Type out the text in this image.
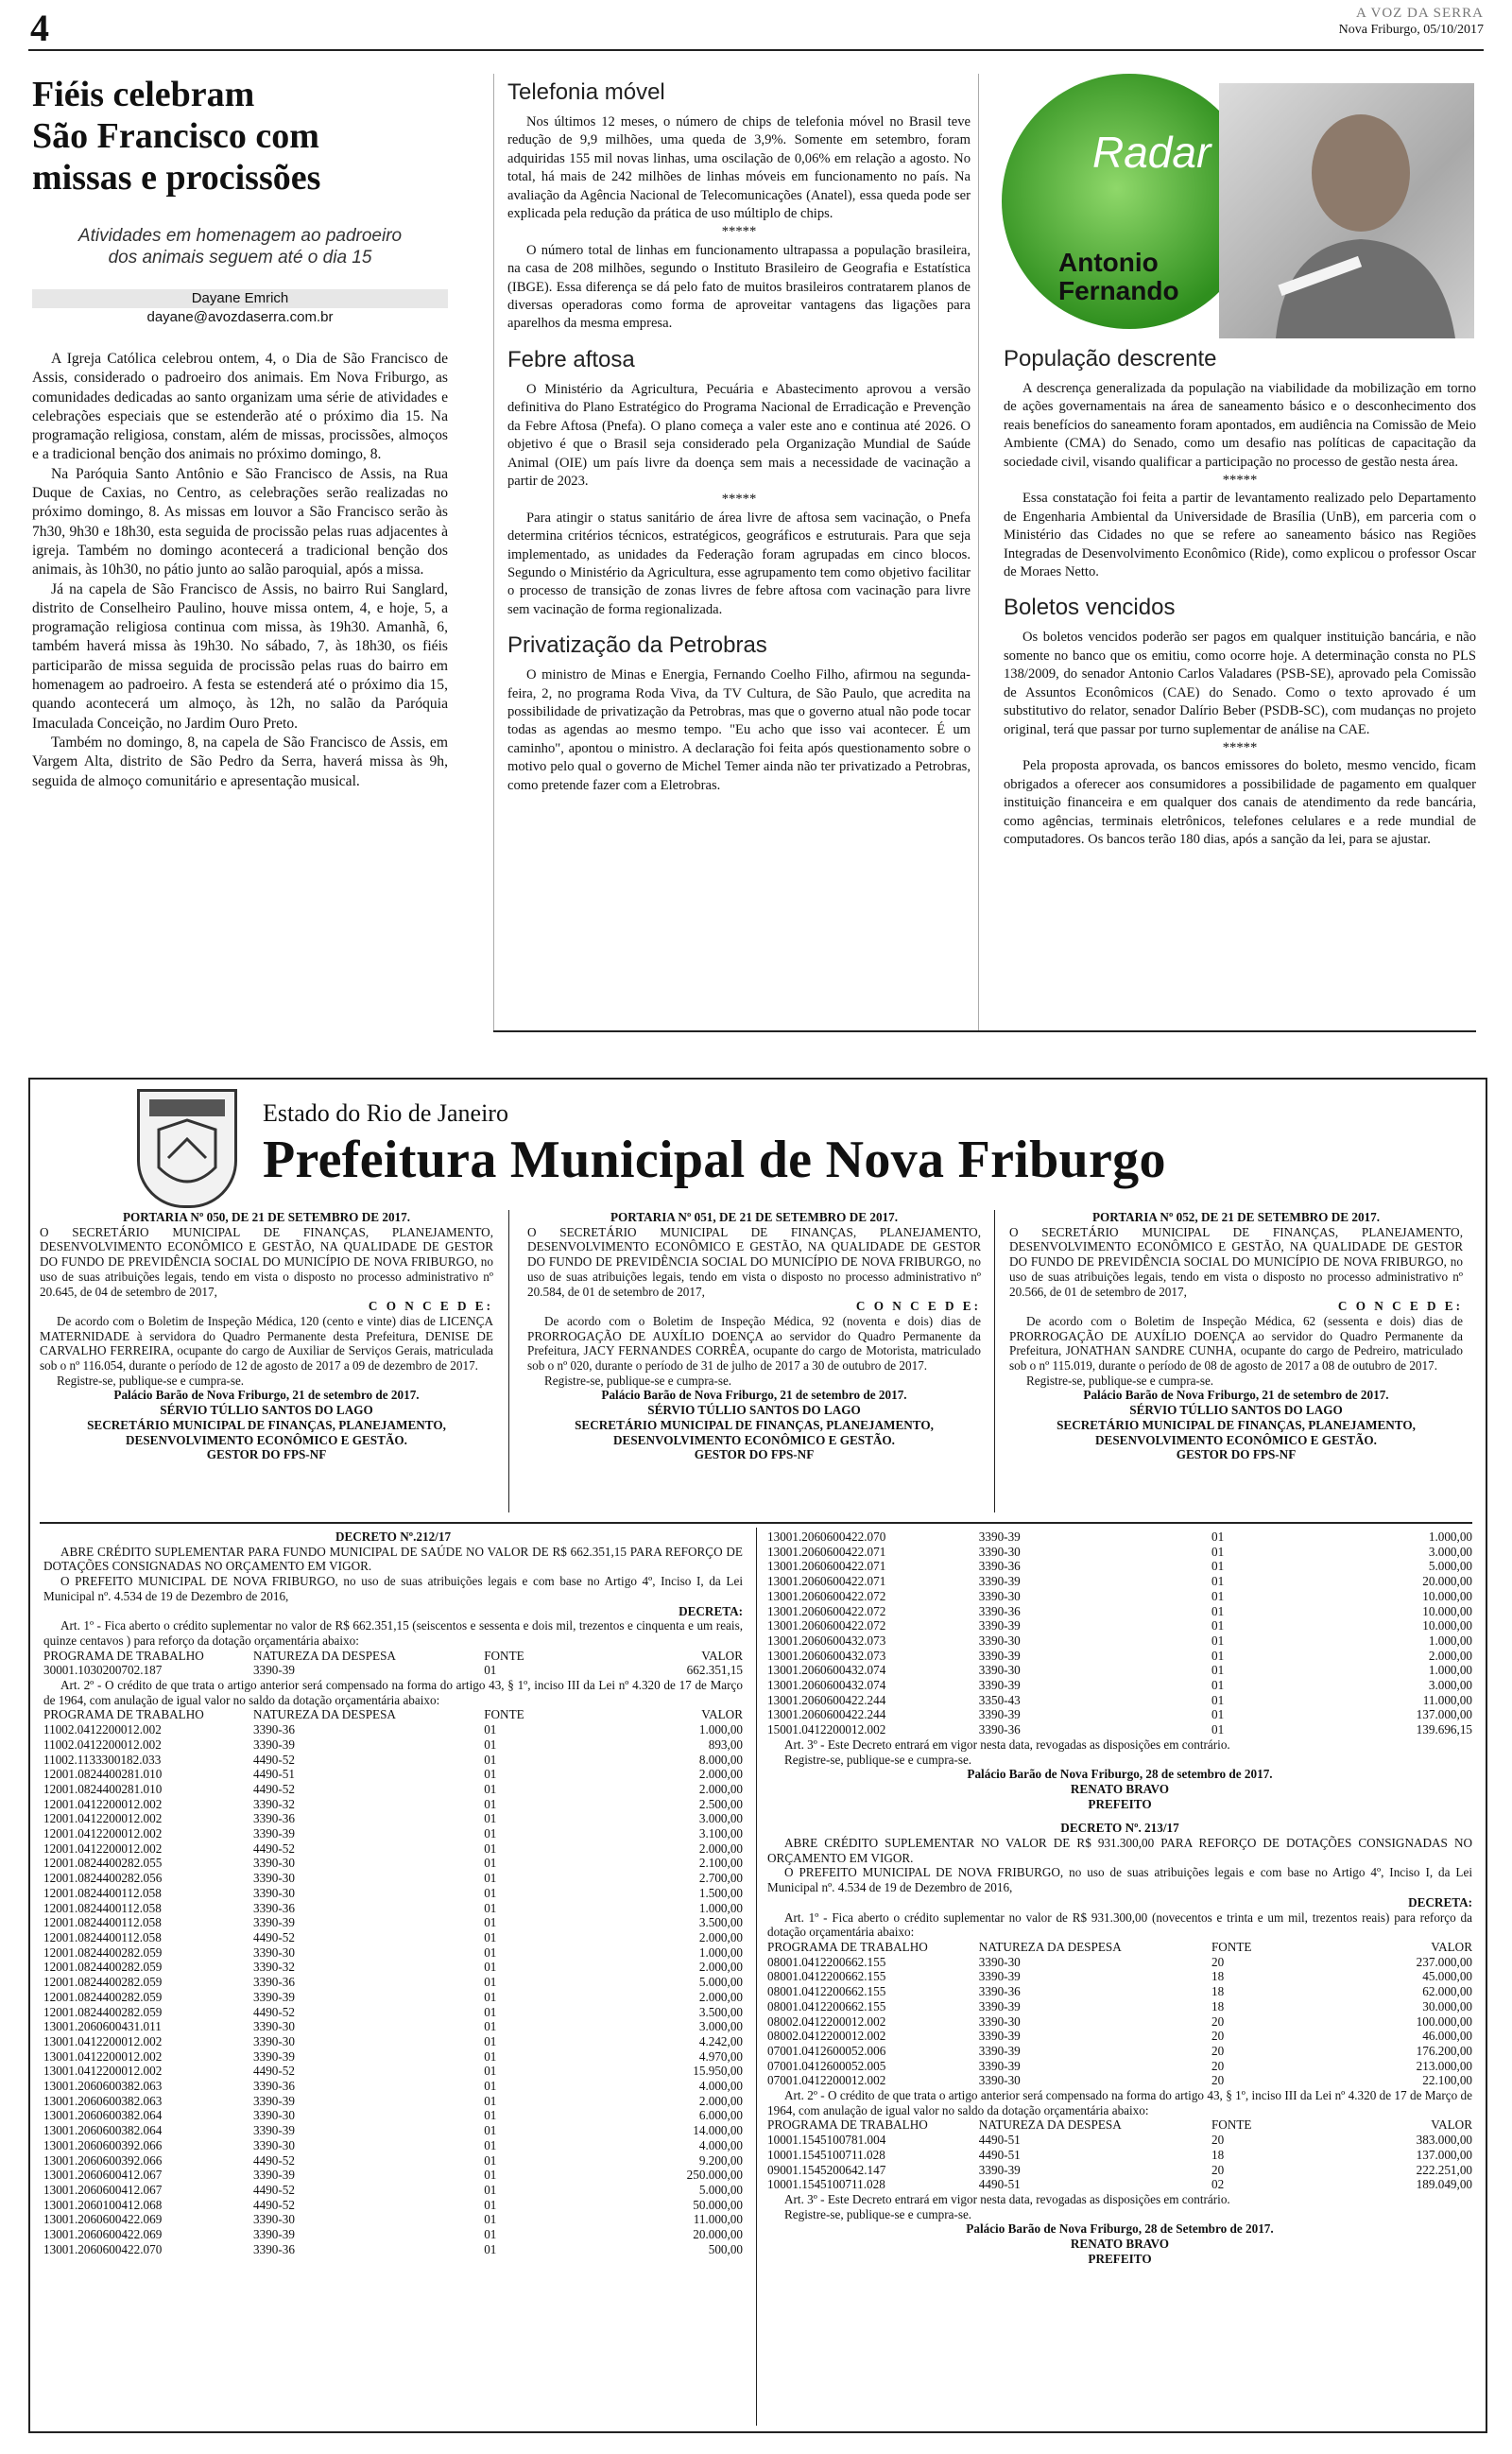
4	A VOZ DA SERRA
Nova Friburgo, 05/10/2017
Fiéis celebram
São Francisco com
missas e procissões
Atividades em homenagem ao padroeiro
dos animais seguem até o dia 15
Dayane Emrich
dayane@avozdaserra.com.br

A Igreja Católica celebrou ontem, 4, o Dia de São Francisco de Assis, considerado o padroeiro dos animais. Em Nova Friburgo, as comunidades dedicadas ao santo organizam uma série de atividades e celebrações especiais que se estenderão até o próximo dia 15. Na programação religiosa, constam, além de missas, procissões, almoços e a tradicional benção dos animais no próximo domingo, 8.

Na Paróquia Santo Antônio e São Francisco de Assis, na Rua Duque de Caxias, no Centro, as celebrações serão realizadas no próximo domingo, 8. As missas em louvor a São Francisco serão às 7h30, 9h30 e 18h30, esta seguida de procissão pelas ruas adjacentes à igreja. Também no domingo acontecerá a tradicional benção dos animais, às 10h30, no pátio junto ao salão paroquial, após a missa.

Já na capela de São Francisco de Assis, no bairro Rui Sanglard, distrito de Conselheiro Paulino, houve missa ontem, 4, e hoje, 5, a programação religiosa continua com missa, às 19h30. Amanhã, 6, também haverá missa às 19h30. No sábado, 7, às 18h30, os fiéis participarão de missa seguida de procissão pelas ruas do bairro em homenagem ao padroeiro. A festa se estenderá até o próximo dia 15, quando acontecerá um almoço, às 12h, no salão da Paróquia Imaculada Conceição, no Jardim Ouro Preto.

Também no domingo, 8, na capela de São Francisco de Assis, em Vargem Alta, distrito de São Pedro da Serra, haverá missa às 9h, seguida de almoço comunitário e apresentação musical.

Telefonia móvel

Nos últimos 12 meses, o número de chips de telefonia móvel no Brasil teve redução de 9,9 milhões, uma queda de 3,9%. Somente em setembro, foram adquiridas 155 mil novas linhas, uma oscilação de 0,06% em relação a agosto. No total, há mais de 242 milhões de linhas móveis em funcionamento no país. Na avaliação da Agência Nacional de Telecomunicações (Anatel), essa queda pode ser explicada pela redução da prática de uso múltiplo de chips.

*****

O número total de linhas em funcionamento ultrapassa a população brasileira, na casa de 208 milhões, segundo o Instituto Brasileiro de Geografia e Estatística (IBGE). Essa diferença se dá pelo fato de muitos brasileiros contratarem planos de diversas operadoras como forma de aproveitar vantagens das ligações para aparelhos da mesma empresa.

Febre aftosa

O Ministério da Agricultura, Pecuária e Abastecimento aprovou a versão definitiva do Plano Estratégico do Programa Nacional de Erradicação e Prevenção da Febre Aftosa (Pnefa). O plano começa a valer este ano e continua até 2026. O objetivo é que o Brasil seja considerado pela Organização Mundial de Saúde Animal (OIE) um país livre da doença sem mais a necessidade de vacinação a partir de 2023.

*****

Para atingir o status sanitário de área livre de aftosa sem vacinação, o Pnefa determina critérios técnicos, estratégicos, geográficos e estruturais. Para que seja implementado, as unidades da Federação foram agrupadas em cinco blocos. Segundo o Ministério da Agricultura, esse agrupamento tem como objetivo facilitar o processo de transição de zonas livres de febre aftosa com vacinação para livre sem vacinação de forma regionalizada.

Privatização da Petrobras

O ministro de Minas e Energia, Fernando Coelho Filho, afirmou na segunda-feira, 2, no programa Roda Viva, da TV Cultura, de São Paulo, que acredita na possibilidade de privatização da Petrobras, mas que o governo atual não pode tocar todas as agendas ao mesmo tempo. "Eu acho que isso vai acontecer. É um caminho", apontou o ministro. A declaração foi feita após questionamento sobre o motivo pelo qual o governo de Michel Temer ainda não ter privatizado a Petrobras, como pretende fazer com a Eletrobras.

Radar
Antonio
Fernando
População descrente

A descrença generalizada da população na viabilidade da mobilização em torno de ações governamentais na área de saneamento básico e o desconhecimento dos reais benefícios do saneamento foram apontados, em audiência na Comissão de Meio Ambiente (CMA) do Senado, como um desafio nas políticas de capacitação da sociedade civil, visando qualificar a participação no processo de gestão nesta área.

*****

Essa constatação foi feita a partir de levantamento realizado pelo Departamento de Engenharia Ambiental da Universidade de Brasília (UnB), em parceria com o Ministério das Cidades no que se refere ao saneamento básico nas Regiões Integradas de Desenvolvimento Econômico (Ride), como explicou o professor Oscar de Moraes Netto.

Boletos vencidos

Os boletos vencidos poderão ser pagos em qualquer instituição bancária, e não somente no banco que os emitiu, como ocorre hoje. A determinação consta no PLS 138/2009, do senador Antonio Carlos Valadares (PSB-SE), aprovado pela Comissão de Assuntos Econômicos (CAE) do Senado. Como o texto aprovado é um substitutivo do relator, senador Dalírio Beber (PSDB-SC), com mudanças no projeto original, terá que passar por turno suplementar de análise na CAE.

*****

Pela proposta aprovada, os bancos emissores do boleto, mesmo vencido, ficam obrigados a oferecer aos consumidores a possibilidade de pagamento em qualquer instituição financeira e em qualquer dos canais de atendimento da rede bancária, como agências, terminais eletrônicos, telefones celulares e a rede mundial de computadores. Os bancos terão 180 dias, após a sanção da lei, para se ajustar.

Estado do Rio de Janeiro
Prefeitura Municipal de Nova Friburgo
PORTARIA Nº 050, DE 21 DE SETEMBRO DE 2017.
O SECRETÁRIO MUNICIPAL DE FINANÇAS, PLANEJAMENTO, DESENVOLVIMENTO ECONÔMICO E GESTÃO, NA QUALIDADE DE GESTOR DO FUNDO DE PREVIDÊNCIA SOCIAL DO MUNICÍPIO DE NOVA FRIBURGO, no uso de suas atribuições legais, tendo em vista o disposto no processo administrativo nº 20.645, de 04 de setembro de 2017,
C O N C E D E:

De acordo com o Boletim de Inspeção Médica, 120 (cento e vinte) dias de LICENÇA MATERNIDADE à servidora do Quadro Permanente desta Prefeitura, DENISE DE CARVALHO FERREIRA, ocupante do cargo de Auxiliar de Serviços Gerais, matriculada sob o nº 116.054, durante o período de 12 de agosto de 2017 a 09 de dezembro de 2017.

Registre-se, publique-se e cumpra-se.

Palácio Barão de Nova Friburgo, 21 de setembro de 2017.
SÉRVIO TÚLLIO SANTOS DO LAGO
SECRETÁRIO MUNICIPAL DE FINANÇAS, PLANEJAMENTO,
DESENVOLVIMENTO ECONÔMICO E GESTÃO.
GESTOR DO FPS-NF
PORTARIA Nº 051, DE 21 DE SETEMBRO DE 2017.
O SECRETÁRIO MUNICIPAL DE FINANÇAS, PLANEJAMENTO, DESENVOLVIMENTO ECONÔMICO E GESTÃO, NA QUALIDADE DE GESTOR DO FUNDO DE PREVIDÊNCIA SOCIAL DO MUNICÍPIO DE NOVA FRIBURGO, no uso de suas atribuições legais, tendo em vista o disposto no processo administrativo nº 20.584, de 01 de setembro de 2017,
C O N C E D E:

De acordo com o Boletim de Inspeção Médica, 92 (noventa e dois) dias de PRORROGAÇÃO DE AUXÍLIO DOENÇA ao servidor do Quadro Permanente da Prefeitura, JACY FERNANDES CORRÊA, ocupante do cargo de Motorista, matriculado sob o nº 020, durante o período de 31 de julho de 2017 a 30 de outubro de 2017.

Registre-se, publique-se e cumpra-se.

Palácio Barão de Nova Friburgo, 21 de setembro de 2017.
SÉRVIO TÚLLIO SANTOS DO LAGO
SECRETÁRIO MUNICIPAL DE FINANÇAS, PLANEJAMENTO,
DESENVOLVIMENTO ECONÔMICO E GESTÃO.
GESTOR DO FPS-NF
PORTARIA Nº 052, DE 21 DE SETEMBRO DE 2017.
O SECRETÁRIO MUNICIPAL DE FINANÇAS, PLANEJAMENTO, DESENVOLVIMENTO ECONÔMICO E GESTÃO, NA QUALIDADE DE GESTOR DO FUNDO DE PREVIDÊNCIA SOCIAL DO MUNICÍPIO DE NOVA FRIBURGO, no uso de suas atribuições legais, tendo em vista o disposto no processo administrativo nº 20.566, de 01 de setembro de 2017,
C O N C E D E:

De acordo com o Boletim de Inspeção Médica, 62 (sessenta e dois) dias de PRORROGAÇÃO DE AUXÍLIO DOENÇA ao servidor do Quadro Permanente da Prefeitura, JONATHAN SANDRE CUNHA, ocupante do cargo de Pedreiro, matriculado sob o nº 115.019, durante o período de 08 de agosto de 2017 a 08 de outubro de 2017.

Registre-se, publique-se e cumpra-se.

Palácio Barão de Nova Friburgo, 21 de setembro de 2017.
SÉRVIO TÚLLIO SANTOS DO LAGO
SECRETÁRIO MUNICIPAL DE FINANÇAS, PLANEJAMENTO,
DESENVOLVIMENTO ECONÔMICO E GESTÃO.
GESTOR DO FPS-NF
DECRETO Nº.212/17

ABRE CRÉDITO SUPLEMENTAR PARA FUNDO MUNICIPAL DE SAÚDE NO VALOR DE R$ 662.351,15 PARA REFORÇO DE DOTAÇÕES CONSIGNADAS NO ORÇAMENTO EM VIGOR.

O PREFEITO MUNICIPAL DE NOVA FRIBURGO, no uso de suas atribuições legais e com base no Artigo 4º, Inciso I, da Lei Municipal nº. 4.534 de 19 de Dezembro de 2016,

DECRETA:

Art. 1º - Fica aberto o crédito suplementar no valor de R$ 662.351,15 (seiscentos e sessenta e dois mil, trezentos e cinquenta e um reais, quinze centavos ) para reforço da dotação orçamentária abaixo:

PROGRAMA DE TRABALHO	NATUREZA DA DESPESA	FONTE	VALOR
30001.1030200702.187	3390-39	01	662.351,15

Art. 2º - O crédito de que trata o artigo anterior será compensado na forma do artigo 43, § 1º, inciso III da Lei nº 4.320 de 17 de Março de 1964, com anulação de igual valor no saldo da dotação orçamentária abaixo:

PROGRAMA DE TRABALHO	NATUREZA DA DESPESA	FONTE	VALOR
11002.0412200012.002	3390-36	01	1.000,00
11002.0412200012.002	3390-39	01	893,00
11002.1133300182.033	4490-52	01	8.000,00
12001.0824400281.010	4490-51	01	2.000,00
12001.0824400281.010	4490-52	01	2.000,00
12001.0412200012.002	3390-32	01	2.500,00
12001.0412200012.002	3390-36	01	3.000,00
12001.0412200012.002	3390-39	01	3.100,00
12001.0412200012.002	4490-52	01	2.000,00
12001.0824400282.055	3390-30	01	2.100,00
12001.0824400282.056	3390-30	01	2.700,00
12001.0824400112.058	3390-30	01	1.500,00
12001.0824400112.058	3390-36	01	1.000,00
12001.0824400112.058	3390-39	01	3.500,00
12001.0824400112.058	4490-52	01	2.000,00
12001.0824400282.059	3390-30	01	1.000,00
12001.0824400282.059	3390-32	01	2.000,00
12001.0824400282.059	3390-36	01	5.000,00
12001.0824400282.059	3390-39	01	2.000,00
12001.0824400282.059	4490-52	01	3.500,00
13001.2060600431.011	3390-30	01	3.000,00
13001.0412200012.002	3390-30	01	4.242,00
13001.0412200012.002	3390-39	01	4.970,00
13001.0412200012.002	4490-52	01	15.950,00
13001.2060600382.063	3390-36	01	4.000,00
13001.2060600382.063	3390-39	01	2.000,00
13001.2060600382.064	3390-30	01	6.000,00
13001.2060600382.064	3390-39	01	14.000,00
13001.2060600392.066	3390-30	01	4.000,00
13001.2060600392.066	4490-52	01	9.200,00
13001.2060600412.067	3390-39	01	250.000,00
13001.2060600412.067	4490-52	01	5.000,00
13001.2060100412.068	4490-52	01	50.000,00
13001.2060600422.069	3390-30	01	11.000,00
13001.2060600422.069	3390-39	01	20.000,00
13001.2060600422.070	3390-36	01	500,00
13001.2060600422.070	3390-39	01	1.000,00
13001.2060600422.071	3390-30	01	3.000,00
13001.2060600422.071	3390-36	01	5.000,00
13001.2060600422.071	3390-39	01	20.000,00
13001.2060600422.072	3390-30	01	10.000,00
13001.2060600422.072	3390-36	01	10.000,00
13001.2060600422.072	3390-39	01	10.000,00
13001.2060600432.073	3390-30	01	1.000,00
13001.2060600432.073	3390-39	01	2.000,00
13001.2060600432.074	3390-30	01	1.000,00
13001.2060600432.074	3390-39	01	3.000,00
13001.2060600422.244	3350-43	01	11.000,00
13001.2060600422.244	3390-39	01	137.000,00
15001.0412200012.002	3390-36	01	139.696,15

Art. 3º - Este Decreto entrará em vigor nesta data, revogadas as disposições em contrário.

Registre-se, publique-se e cumpra-se.

Palácio Barão de Nova Friburgo, 28 de setembro de 2017.
RENATO BRAVO
PREFEITO
DECRETO Nº. 213/17

ABRE CRÉDITO SUPLEMENTAR NO VALOR DE R$ 931.300,00 PARA REFORÇO DE DOTAÇÕES CONSIGNADAS NO ORÇAMENTO EM VIGOR.

O PREFEITO MUNICIPAL DE NOVA FRIBURGO, no uso de suas atribuições legais e com base no Artigo 4º, Inciso I, da Lei Municipal nº. 4.534 de 19 de Dezembro de 2016,

DECRETA:

Art. 1º - Fica aberto o crédito suplementar no valor de R$ 931.300,00 (novecentos e trinta e um mil, trezentos reais) para reforço da dotação orçamentária abaixo:

PROGRAMA DE TRABALHO	NATUREZA DA DESPESA	FONTE	VALOR
08001.0412200662.155	3390-30	20	237.000,00
08001.0412200662.155	3390-39	18	45.000,00
08001.0412200662.155	3390-36	18	62.000,00
08001.0412200662.155	3390-39	18	30.000,00
08002.0412200012.002	3390-30	20	100.000,00
08002.0412200012.002	3390-39	20	46.000,00
07001.0412600052.006	3390-39	20	176.200,00
07001.0412600052.005	3390-39	20	213.000,00
07001.0412200012.002	3390-30	20	22.100,00

Art. 2º - O crédito de que trata o artigo anterior será compensado na forma do artigo 43, § 1º, inciso III da Lei nº 4.320 de 17 de Março de 1964, com anulação de igual valor no saldo da dotação orçamentária abaixo:

PROGRAMA DE TRABALHO	NATUREZA DA DESPESA	FONTE	VALOR
10001.1545100781.004	4490-51	20	383.000,00
10001.1545100711.028	4490-51	18	137.000,00
09001.1545200642.147	3390-39	20	222.251,00
10001.1545100711.028	4490-51	02	189.049,00

Art. 3º - Este Decreto entrará em vigor nesta data, revogadas as disposições em contrário.

Registre-se, publique-se e cumpra-se.

Palácio Barão de Nova Friburgo, 28 de Setembro de 2017.
RENATO BRAVO
PREFEITO
